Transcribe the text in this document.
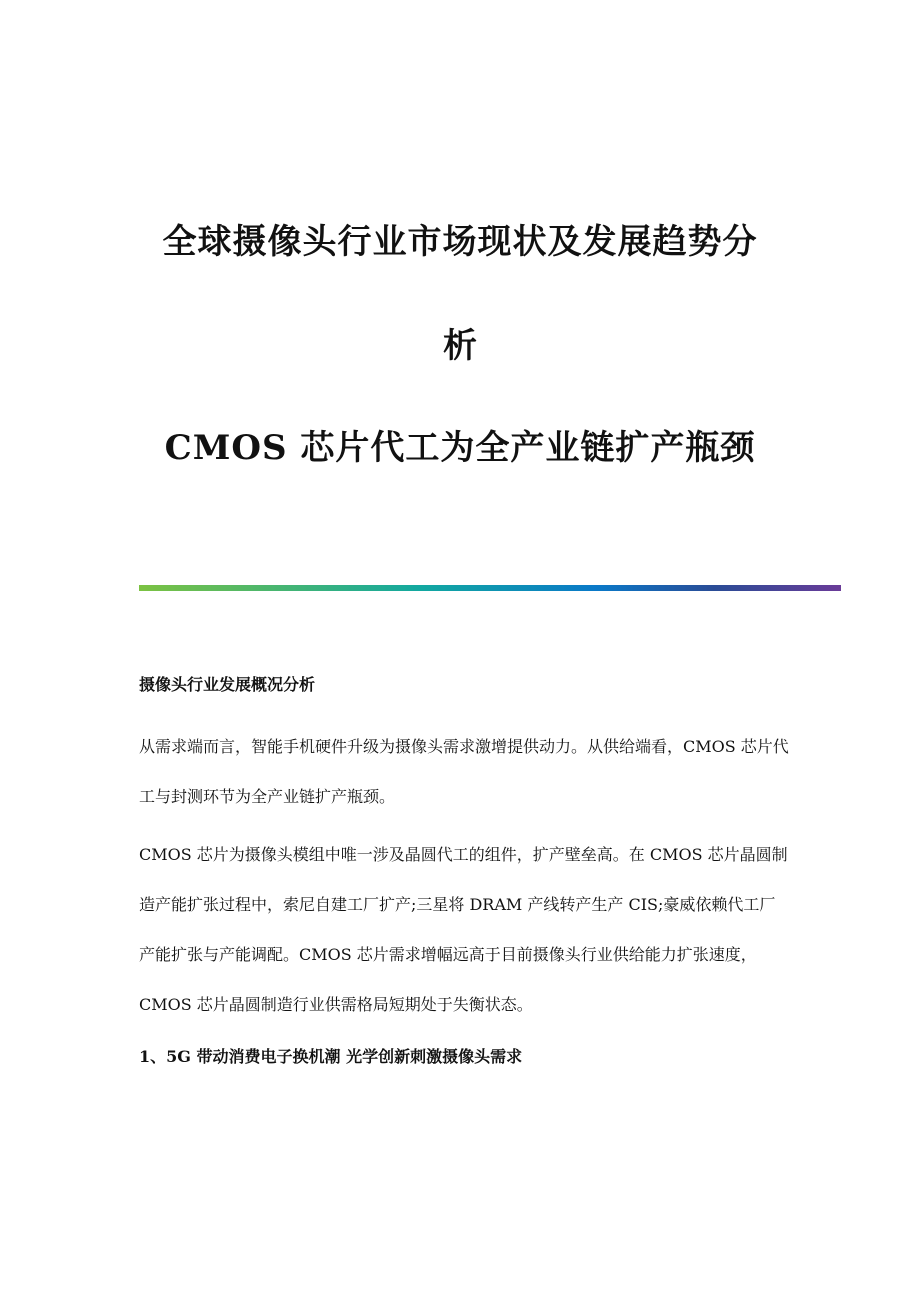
全球摄像头行业市场现状及发展趋势分
析
CMOS 芯片代工为全产业链扩产瓶颈
摄像头行业发展概况分析
从需求端而言，智能手机硬件升级为摄像头需求激增提供动力。从供给端看，CMOS 芯片代工与封测环节为全产业链扩产瓶颈。
CMOS 芯片为摄像头模组中唯一涉及晶圆代工的组件，扩产壁垒高。在 CMOS 芯片晶圆制造产能扩张过程中，索尼自建工厂扩产;三星将 DRAM 产线转产生产 CIS;豪威依赖代工厂产能扩张与产能调配。CMOS 芯片需求增幅远高于目前摄像头行业供给能力扩张速度，CMOS 芯片晶圆制造行业供需格局短期处于失衡状态。
1、5G 带动消费电子换机潮 光学创新刺激摄像头需求
